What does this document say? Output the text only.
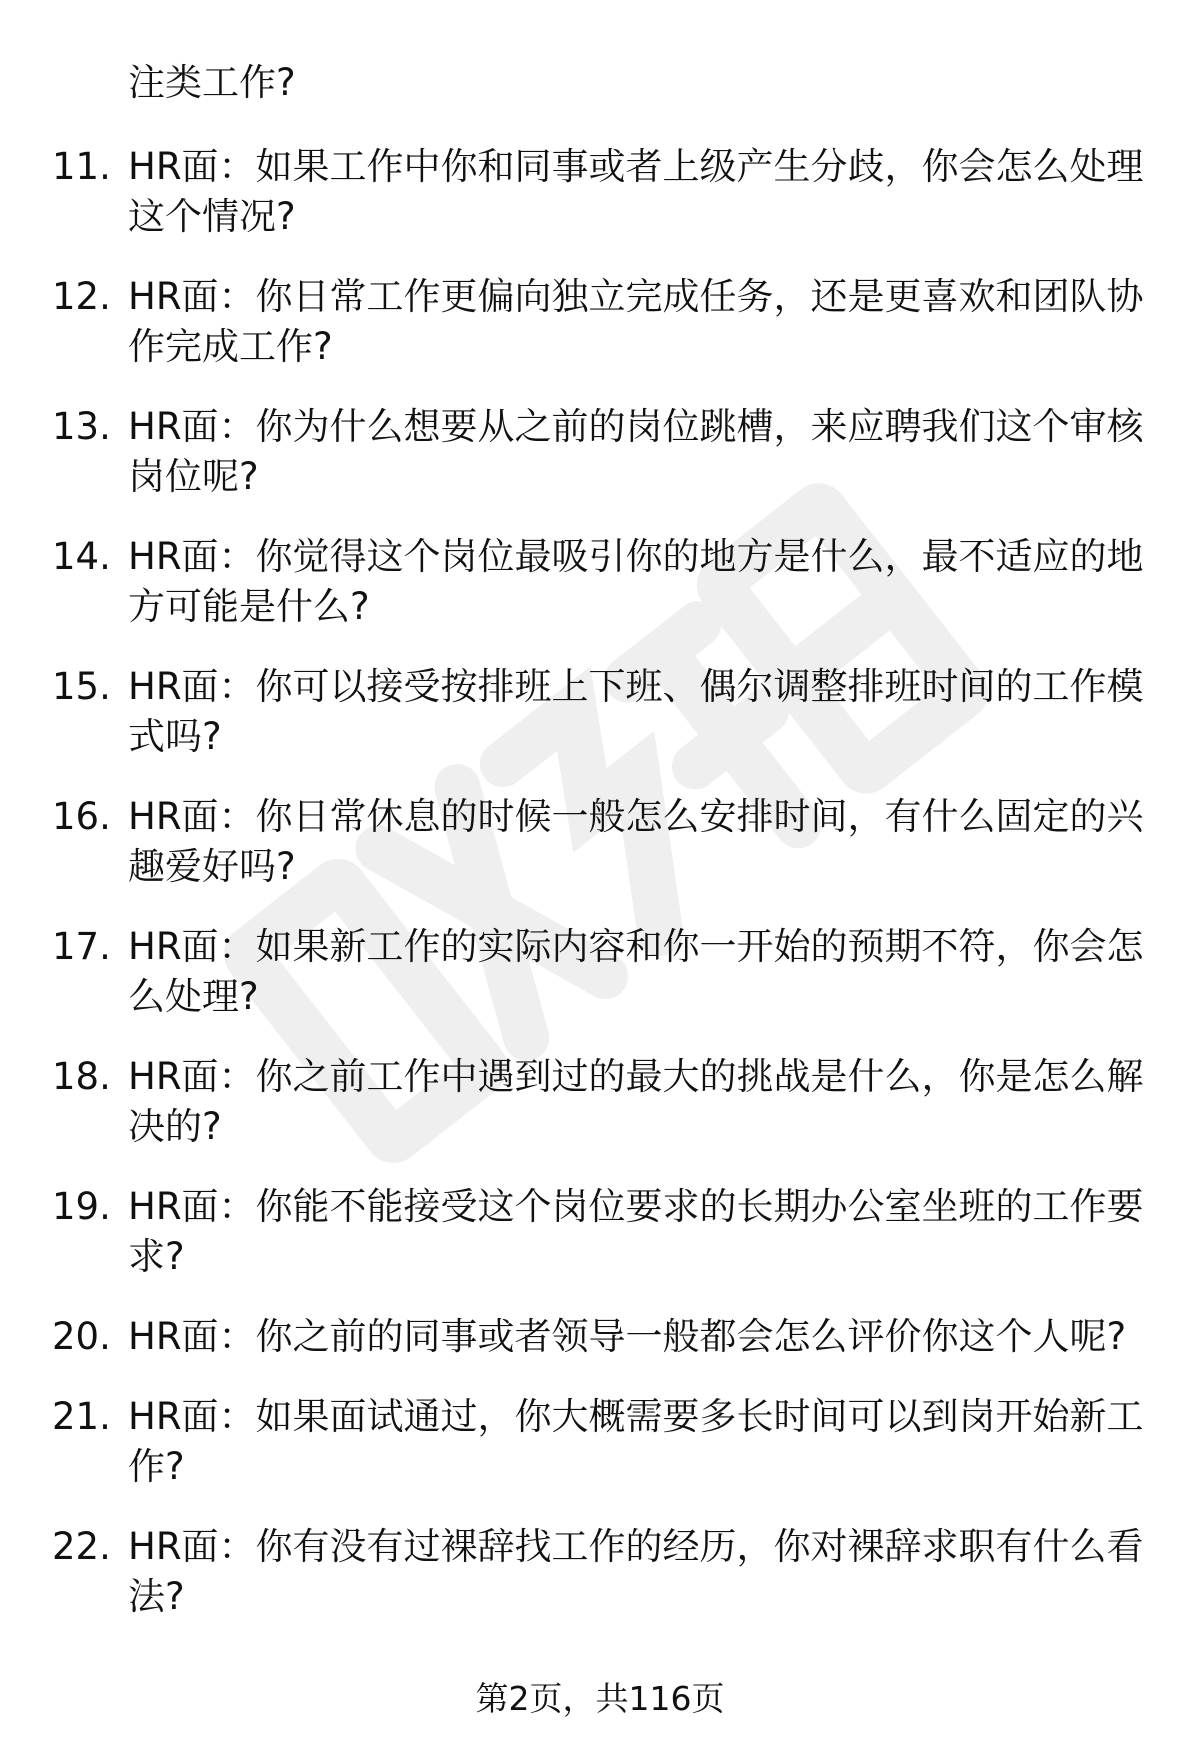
注类工作?
11. HR面：如果工作中你和同事或者上级产生分歧，你会怎么处理这个情况?
12. HR面：你日常工作更偏向独立完成任务，还是更喜欢和团队协作完成工作?
13. HR面：你为什么想要从之前的岗位跳槽，来应聘我们这个审核岗位呢?
14. HR面：你觉得这个岗位最吸引你的地方是什么，最不适应的地方可能是什么?
15. HR面：你可以接受按排班上下班、偶尔调整排班时间的工作模式吗?
16. HR面：你日常休息的时候一般怎么安排时间，有什么固定的兴趣爱好吗?
17. HR面：如果新工作的实际内容和你一开始的预期不符，你会怎么处理?
18. HR面：你之前工作中遇到过的最大的挑战是什么，你是怎么解决的?
19. HR面：你能不能接受这个岗位要求的长期办公室坐班的工作要求?
20. HR面：你之前的同事或者领导一般都会怎么评价你这个人呢?
21. HR面：如果面试通过，你大概需要多长时间可以到岗开始新工作?
22. HR面：你有没有过裸辞找工作的经历，你对裸辞求职有什么看法?
第2页，共116页
